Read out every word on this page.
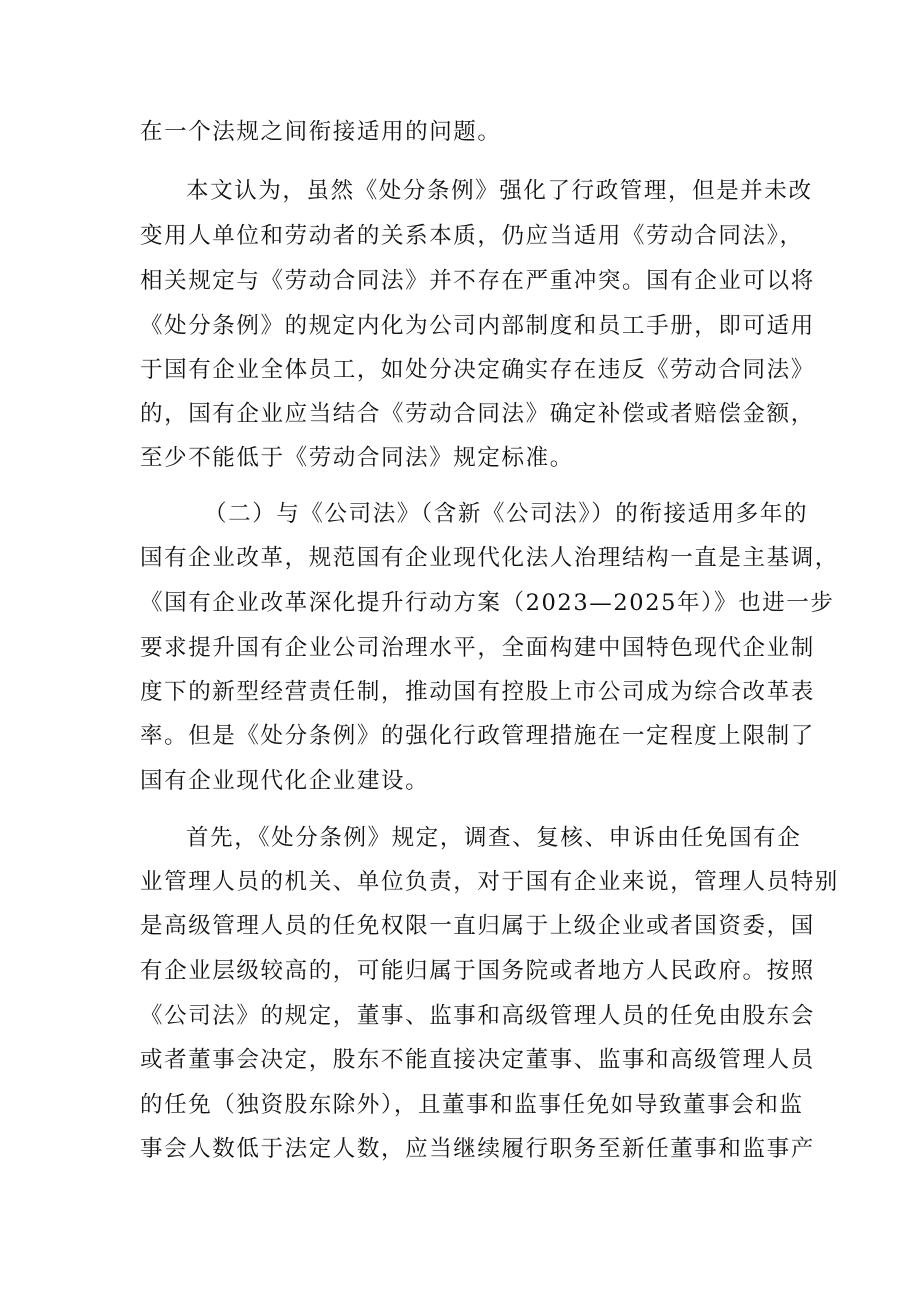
在一个法规之间衔接适用的问题。
本文认为，虽然《处分条例》强化了行政管理，但是并未改
变用人单位和劳动者的关系本质，仍应当适用《劳动合同法》，
相关规定与《劳动合同法》并不存在严重冲突。国有企业可以将
《处分条例》的规定内化为公司内部制度和员工手册，即可适用
于国有企业全体员工，如处分决定确实存在违反《劳动合同法》
的，国有企业应当结合《劳动合同法》确定补偿或者赔偿金额，
至少不能低于《劳动合同法》规定标准。
（二）与《公司法》（含新《公司法》）的衔接适用多年的
国有企业改革，规范国有企业现代化法人治理结构一直是主基调，
《国有企业改革深化提升行动方案（2023—2025年）》也进一步
要求提升国有企业公司治理水平，全面构建中国特色现代企业制
度下的新型经营责任制，推动国有控股上市公司成为综合改革表
率。但是《处分条例》的强化行政管理措施在一定程度上限制了
国有企业现代化企业建设。
首先，《处分条例》规定，调查、复核、申诉由任免国有企
业管理人员的机关、单位负责，对于国有企业来说，管理人员特别
是高级管理人员的任免权限一直归属于上级企业或者国资委，国
有企业层级较高的，可能归属于国务院或者地方人民政府。按照
《公司法》的规定，董事、监事和高级管理人员的任免由股东会
或者董事会决定，股东不能直接决定董事、监事和高级管理人员
的任免（独资股东除外），且董事和监事任免如导致董事会和监
事会人数低于法定人数，应当继续履行职务至新任董事和监事产
